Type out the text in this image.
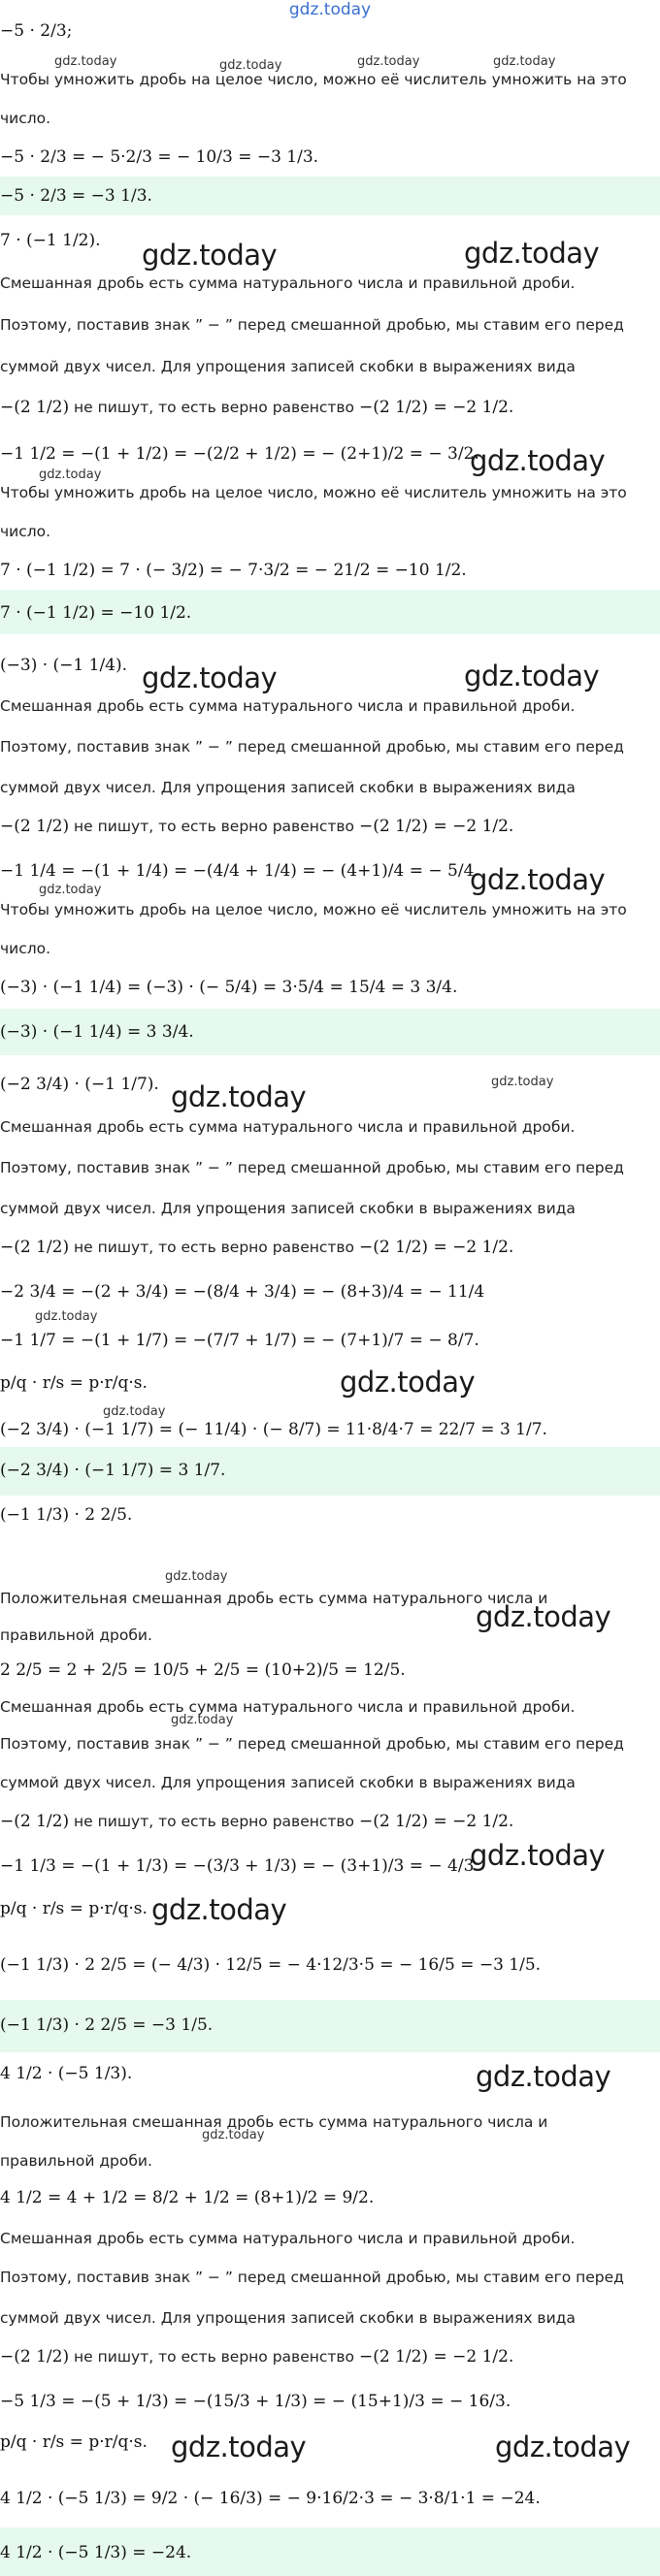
gdz.today
−5 · 2/3;
Чтобы умножить дробь на целое число, можно её числитель умножить на это
число.
−5 · 2/3 = − 5·2/3 = − 10/3 = −3 1/3.
−5 · 2/3 = −3 1/3.
7 · (−1 1/2).
Смешанная дробь есть сумма натурального числа и правильной дроби.
Поэтому, поставив знак ” − ” перед смешанной дробью, мы ставим его перед
суммой двух чисел. Для упрощения записей скобки в выражениях вида
−(2 1/2) не пишут, то есть верно равенство −(2 1/2) = −2 1/2.
−1 1/2 = −(1 + 1/2) = −(2/2 + 1/2) = − (2+1)/2 = − 3/2.
Чтобы умножить дробь на целое число, можно её числитель умножить на это
число.
7 · (−1 1/2) = 7 · (− 3/2) = − 7·3/2 = − 21/2 = −10 1/2.
7 · (−1 1/2) = −10 1/2.
(−3) · (−1 1/4).
Смешанная дробь есть сумма натурального числа и правильной дроби.
Поэтому, поставив знак ” − ” перед смешанной дробью, мы ставим его перед
суммой двух чисел. Для упрощения записей скобки в выражениях вида
−(2 1/2) не пишут, то есть верно равенство −(2 1/2) = −2 1/2.
−1 1/4 = −(1 + 1/4) = −(4/4 + 1/4) = − (4+1)/4 = − 5/4.
Чтобы умножить дробь на целое число, можно её числитель умножить на это
число.
(−3) · (−1 1/4) = (−3) · (− 5/4) = 3·5/4 = 15/4 = 3 3/4.
(−3) · (−1 1/4) = 3 3/4.
(−2 3/4) · (−1 1/7).
Смешанная дробь есть сумма натурального числа и правильной дроби.
Поэтому, поставив знак ” − ” перед смешанной дробью, мы ставим его перед
суммой двух чисел. Для упрощения записей скобки в выражениях вида
−(2 1/2) не пишут, то есть верно равенство −(2 1/2) = −2 1/2.
−2 3/4 = −(2 + 3/4) = −(8/4 + 3/4) = − (8+3)/4 = − 11/4
−1 1/7 = −(1 + 1/7) = −(7/7 + 1/7) = − (7+1)/7 = − 8/7.
p/q · r/s = p·r/q·s.
(−2 3/4) · (−1 1/7) = (− 11/4) · (− 8/7) = 11·8/4·7 = 22/7 = 3 1/7.
(−2 3/4) · (−1 1/7) = 3 1/7.
(−1 1/3) · 2 2/5.
Положительная смешанная дробь есть сумма натурального числа и
правильной дроби.
2 2/5 = 2 + 2/5 = 10/5 + 2/5 = (10+2)/5 = 12/5.
Смешанная дробь есть сумма натурального числа и правильной дроби.
Поэтому, поставив знак ” − ” перед смешанной дробью, мы ставим его перед
суммой двух чисел. Для упрощения записей скобки в выражениях вида
−(2 1/2) не пишут, то есть верно равенство −(2 1/2) = −2 1/2.
−1 1/3 = −(1 + 1/3) = −(3/3 + 1/3) = − (3+1)/3 = − 4/3.
p/q · r/s = p·r/q·s.
(−1 1/3) · 2 2/5 = (− 4/3) · 12/5 = − 4·12/3·5 = − 16/5 = −3 1/5.
(−1 1/3) · 2 2/5 = −3 1/5.
4 1/2 · (−5 1/3).
Положительная смешанная дробь есть сумма натурального числа и
правильной дроби.
4 1/2 = 4 + 1/2 = 8/2 + 1/2 = (8+1)/2 = 9/2.
Смешанная дробь есть сумма натурального числа и правильной дроби.
Поэтому, поставив знак ” − ” перед смешанной дробью, мы ставим его перед
суммой двух чисел. Для упрощения записей скобки в выражениях вида
−(2 1/2) не пишут, то есть верно равенство −(2 1/2) = −2 1/2.
−5 1/3 = −(5 + 1/3) = −(15/3 + 1/3) = − (15+1)/3 = − 16/3.
p/q · r/s = p·r/q·s.
4 1/2 · (−5 1/3) = 9/2 · (− 16/3) = − 9·16/2·3 = − 3·8/1·1 = −24.
4 1/2 · (−5 1/3) = −24.
gdz.today	gdz.today	gdz.today	gdz.today
gdz.today	gdz.today
gdz.today	gdz.today
gdz.today	gdz.today
gdz.today	gdz.today
gdz.today	gdz.today
gdz.today
gdz.today
gdz.today
gdz.today
gdz.today
gdz.today
gdz.today
gdz.today
gdz.today
gdz.today
gdz.today	gdz.today
